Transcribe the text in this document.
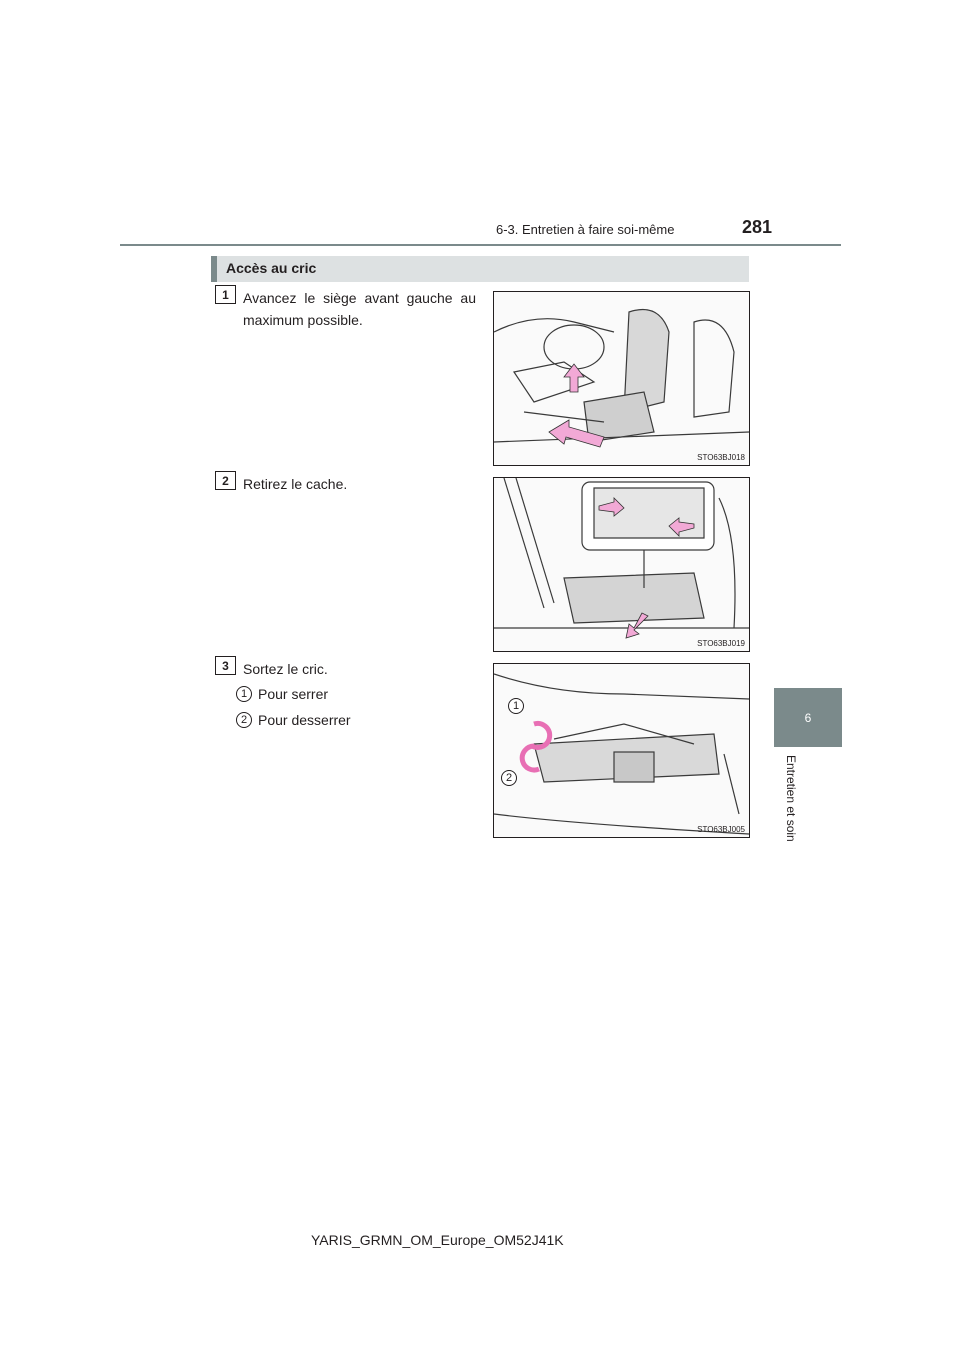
6-3. Entretien à faire soi-même	281
6
Entretien et soin
Accès au cric
1	Avancez le siège avant gauche au maximum possible.
STO63BJ018
2	Retirez le cache.
STO63BJ019
3	Sortez le cric.
1 Pour serrer
2 Pour desserrer
1
2
STO63BJ005
YARIS_GRMN_OM_Europe_OM52J41K
